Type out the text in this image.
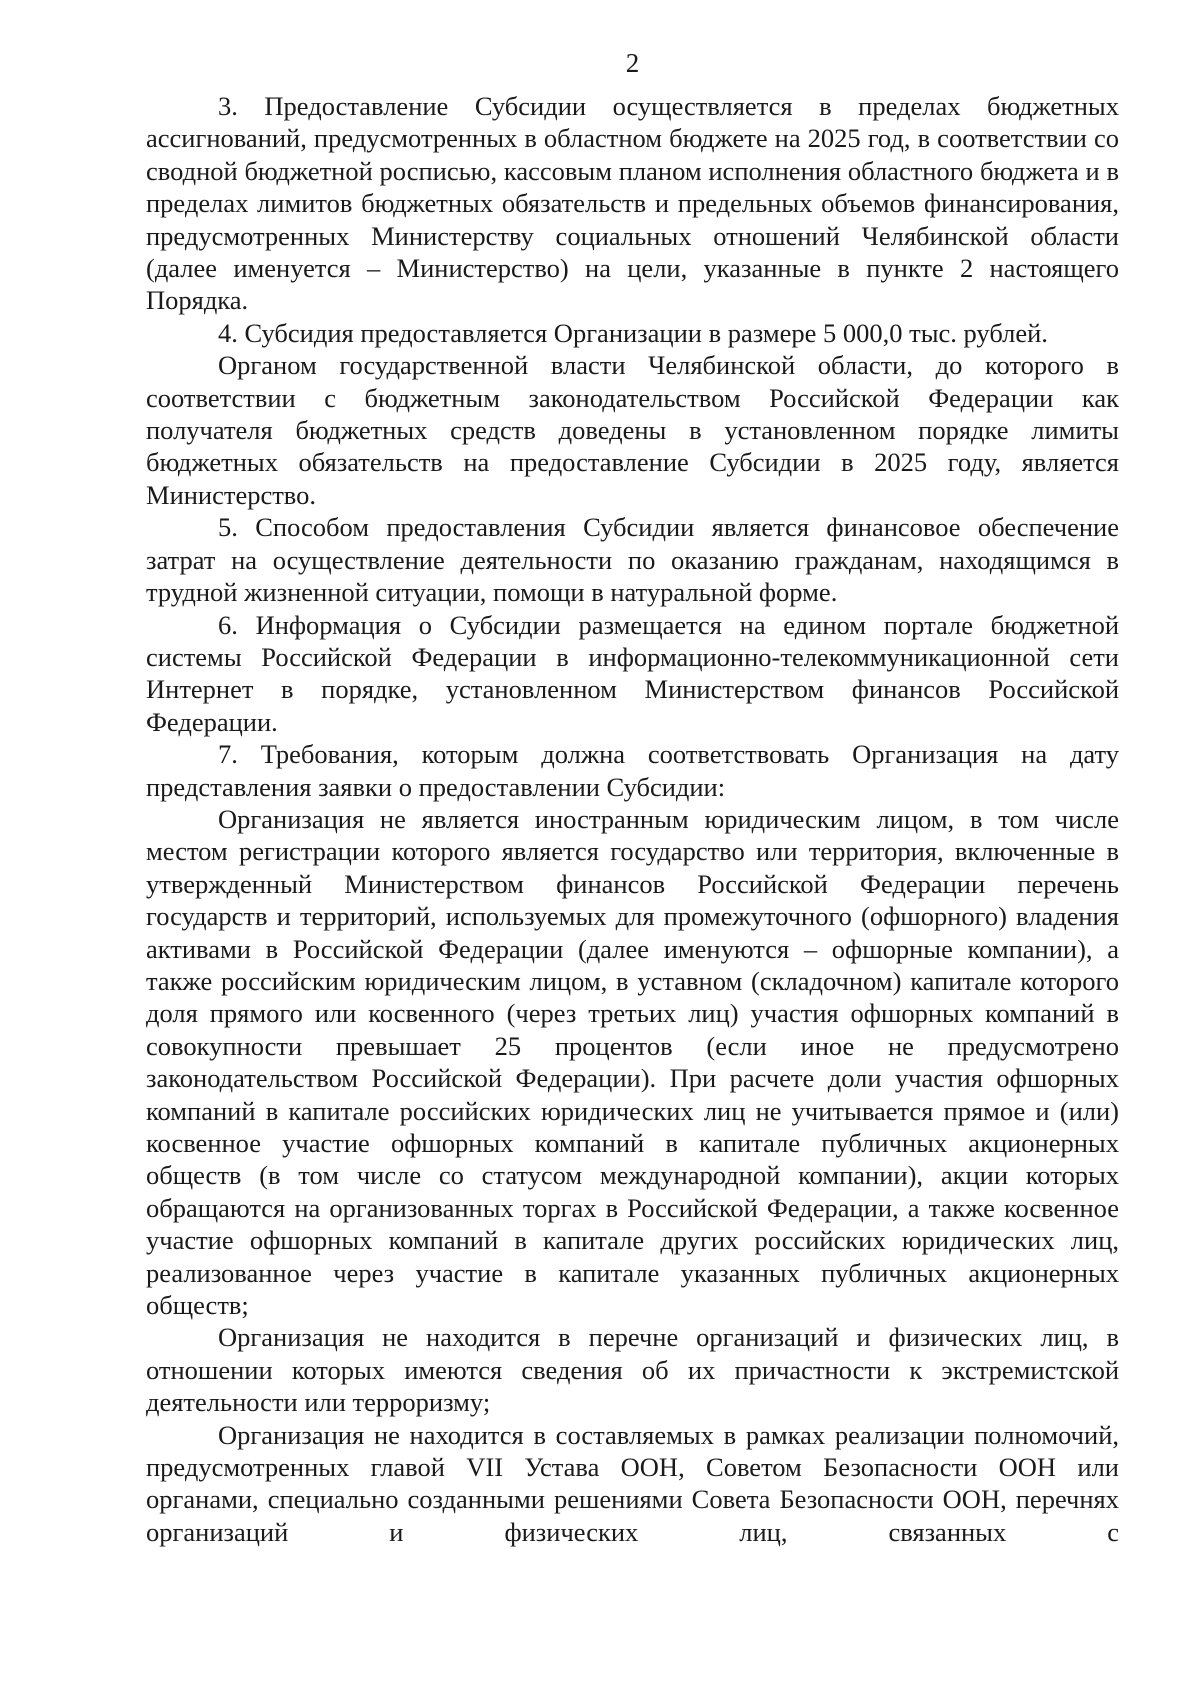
2

3. Предоставление Субсидии осуществляется в пределах бюджетных ассигнований, предусмотренных в областном бюджете на 2025 год, в соответствии со сводной бюджетной росписью, кассовым планом исполнения областного бюджета и в пределах лимитов бюджетных обязательств и предельных объемов финансирования, предусмотренных Министерству социальных отношений Челябинской области (далее именуется – Министерство) на цели, указанные в пункте 2 настоящего Порядка.

4. Субсидия предоставляется Организации в размере 5 000,0 тыс. рублей.

Органом государственной власти Челябинской области, до которого в соответствии с бюджетным законодательством Российской Федерации как получателя бюджетных средств доведены в установленном порядке лимиты бюджетных обязательств на предоставление Субсидии в 2025 году, является Министерство.

5. Способом предоставления Субсидии является финансовое обеспечение затрат на осуществление деятельности по оказанию гражданам, находящимся в трудной жизненной ситуации, помощи в натуральной форме.

6. Информация о Субсидии размещается на едином портале бюджетной системы Российской Федерации в информационно-телекоммуникационной сети Интернет в порядке, установленном Министерством финансов Российской Федерации.

7. Требования, которым должна соответствовать Организация на дату представления заявки о предоставлении Субсидии:

Организация не является иностранным юридическим лицом, в том числе местом регистрации которого является государство или территория, включенные в утвержденный Министерством финансов Российской Федерации перечень государств и территорий, используемых для промежуточного (офшорного) владения активами в Российской Федерации (далее именуются – офшорные компании), а также российским юридическим лицом, в уставном (складочном) капитале которого доля прямого или косвенного (через третьих лиц) участия офшорных компаний в совокупности превышает 25 процентов (если иное не предусмотрено законодательством Российской Федерации). При расчете доли участия офшорных компаний в капитале российских юридических лиц не учитывается прямое и (или) косвенное участие офшорных компаний в капитале публичных акционерных обществ (в том числе со статусом международной компании), акции которых обращаются на организованных торгах в Российской Федерации, а также косвенное участие офшорных компаний в капитале других российских юридических лиц, реализованное через участие в капитале указанных публичных акционерных обществ;

Организация не находится в перечне организаций и физических лиц, в отношении которых имеются сведения об их причастности к экстремистской деятельности или терроризму;

Организация не находится в составляемых в рамках реализации полномочий, предусмотренных главой VII Устава ООН, Советом Безопасности ООН или органами, специально созданными решениями Совета Безопасности ООН, перечнях организаций и физических лиц, связанных с
